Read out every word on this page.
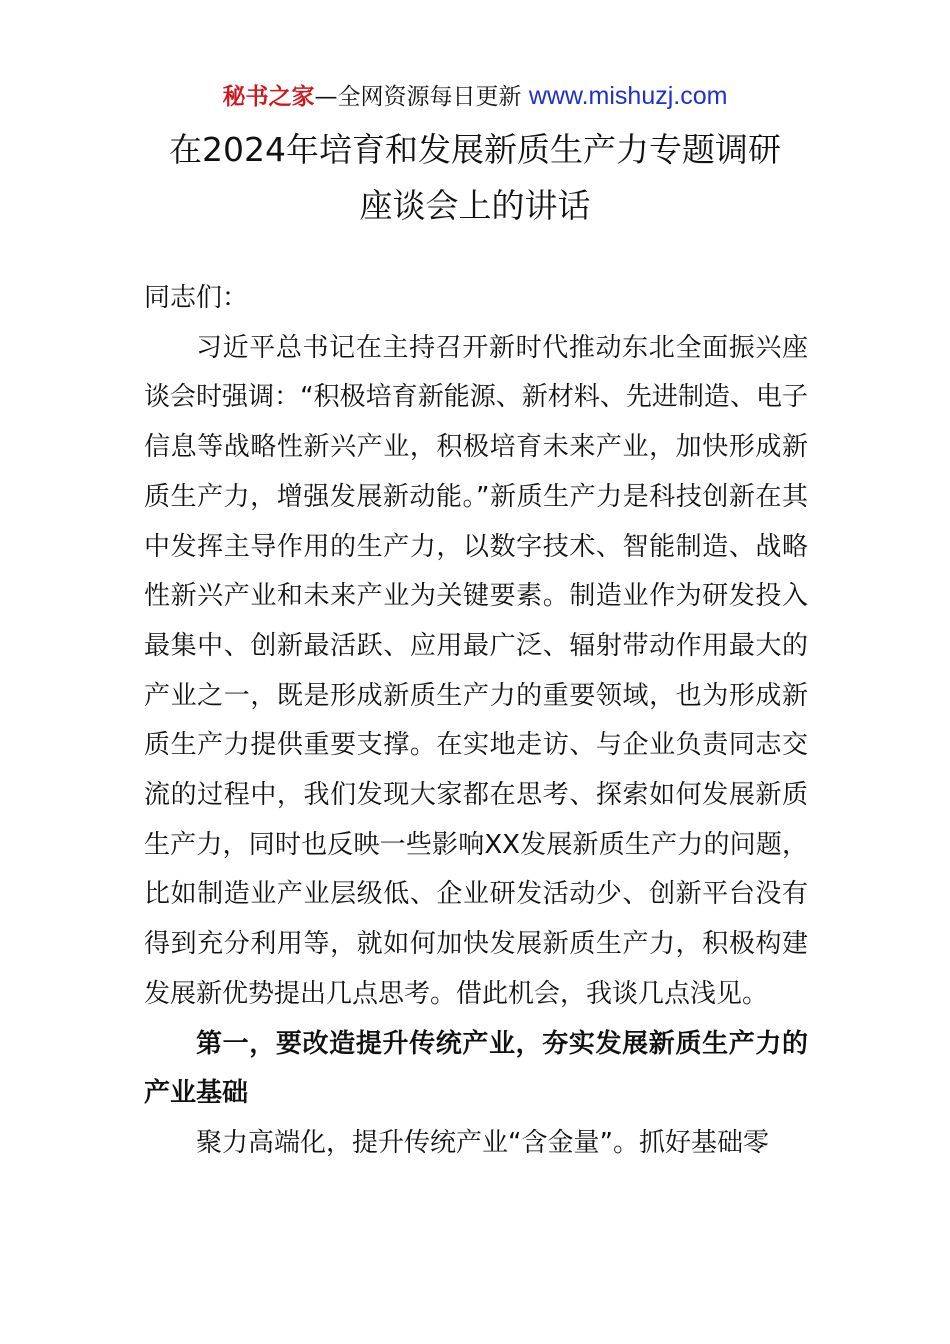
秘书之家—全网资源每日更新 www.mishuzj.com
在2024年培育和发展新质生产力专题调研
座谈会上的讲话

同志们：

习近平总书记在主持召开新时代推动东北全面振兴座谈会时强调：“积极培育新能源、新材料、先进制造、电子信息等战略性新兴产业，积极培育未来产业，加快形成新质生产力，增强发展新动能。”新质生产力是科技创新在其中发挥主导作用的生产力，以数字技术、智能制造、战略性新兴产业和未来产业为关键要素。制造业作为研发投入最集中、创新最活跃、应用最广泛、辐射带动作用最大的产业之一，既是形成新质生产力的重要领域，也为形成新质生产力提供重要支撑。在实地走访、与企业负责同志交流的过程中，我们发现大家都在思考、探索如何发展新质生产力，同时也反映一些影响XX发展新质生产力的问题，比如制造业产业层级低、企业研发活动少、创新平台没有得到充分利用等，就如何加快发展新质生产力，积极构建发展新优势提出几点思考。借此机会，我谈几点浅见。

第一，要改造提升传统产业，夯实发展新质生产力的产业基础

聚力高端化，提升传统产业“含金量”。抓好基础零
